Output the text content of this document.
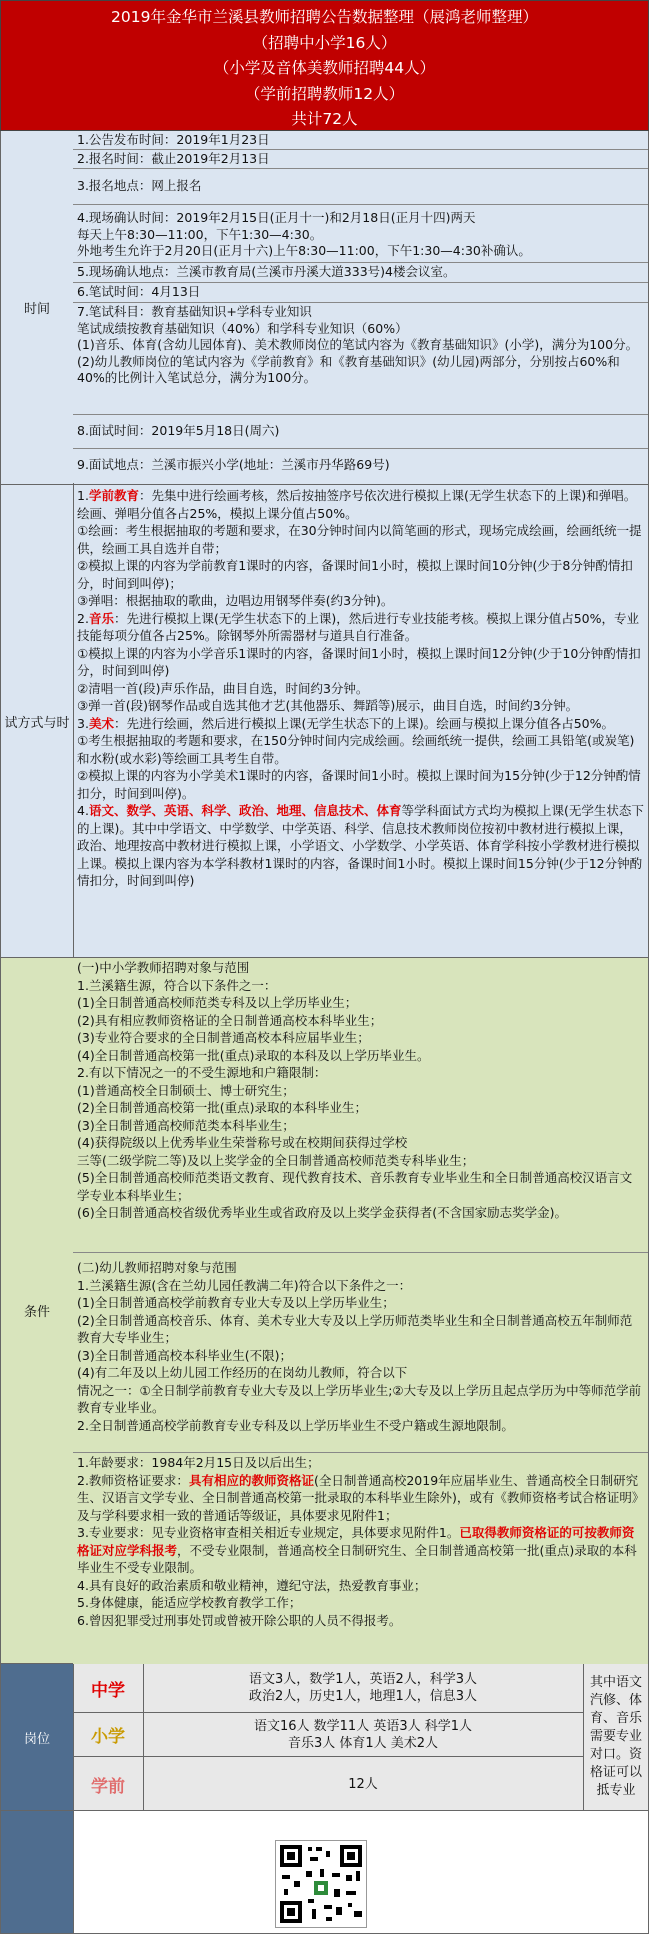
2019年金华市兰溪县教师招聘公告数据整理（展鸿老师整理）
（招聘中小学16人）
（小学及音体美教师招聘44人）
（学前招聘教师12人）
共计72人
时间
1.公告发布时间：2019年1月23日
2.报名时间：截止2019年2月13日
3.报名地点：网上报名

4.现场确认时间：2019年2月15日(正月十一)和2月18日(正月十四)两天

每天上午8:30—11:00，下午1:30—4:30。

外地考生允许于2月20日(正月十六)上午8:30—11:00，下午1:30—4:30补确认。

5.现场确认地点：兰溪市教育局(兰溪市丹溪大道333号)4楼会议室。
6.笔试时间：4月13日

7.笔试科目：教育基础知识+学科专业知识

笔试成绩按教育基础知识（40%）和学科专业知识（60%）

(1)音乐、体育(含幼儿园体育)、美术教师岗位的笔试内容为《教育基础知识》(小学)，满分为100分。

(2)幼儿教师岗位的笔试内容为《学前教育》和《教育基础知识》(幼儿园)两部分，分别按占60%和40%的比例计入笔试总分，满分为100分。

8.面试时间：2019年5月18日(周六)
9.面试地点：兰溪市振兴小学(地址：兰溪市丹华路69号)
试方式与时

1.学前教育：先集中进行绘画考核，然后按抽签序号依次进行模拟上课(无学生状态下的上课)和弹唱。绘画、弹唱分值各占25%，模拟上课分值占50%。

①绘画：考生根据抽取的考题和要求，在30分钟时间内以简笔画的形式，现场完成绘画，绘画纸统一提供，绘画工具自选并自带；

②模拟上课的内容为学前教育1课时的内容，备课时间1小时，模拟上课时间10分钟(少于8分钟酌情扣分，时间到叫停)；

③弹唱：根据抽取的歌曲，边唱边用钢琴伴奏(约3分钟)。

2.音乐：先进行模拟上课(无学生状态下的上课)，然后进行专业技能考核。模拟上课分值占50%，专业技能每项分值各占25%。除钢琴外所需器材与道具自行准备。

①模拟上课的内容为小学音乐1课时的内容，备课时间1小时，模拟上课时间12分钟(少于10分钟酌情扣分，时间到叫停)

②清唱一首(段)声乐作品，曲目自选，时间约3分钟。

③弹一首(段)钢琴作品或自选其他才艺(其他器乐、舞蹈等)展示，曲目自选，时间约3分钟。

3.美术：先进行绘画，然后进行模拟上课(无学生状态下的上课)。绘画与模拟上课分值各占50%。

①考生根据抽取的考题和要求，在150分钟时间内完成绘画。绘画纸统一提供，绘画工具铅笔(或炭笔)和水粉(或水彩)等绘画工具考生自带。

②模拟上课的内容为小学美术1课时的内容，备课时间1小时。模拟上课时间为15分钟(少于12分钟酌情扣分，时间到叫停)。

4.语文、数学、英语、科学、政治、地理、信息技术、体育等学科面试方式均为模拟上课(无学生状态下的上课)。其中中学语文、中学数学、中学英语、科学、信息技术教师岗位按初中教材进行模拟上课，政治、地理按高中教材进行模拟上课，小学语文、小学数学、小学英语、体育学科按小学教材进行模拟上课。模拟上课内容为本学科教材1课时的内容，备课时间1小时。模拟上课时间15分钟(少于12分钟酌情扣分，时间到叫停)

条件

(一)中小学教师招聘对象与范围

1.兰溪籍生源，符合以下条件之一：

(1)全日制普通高校师范类专科及以上学历毕业生；

(2)具有相应教师资格证的全日制普通高校本科毕业生；

(3)专业符合要求的全日制普通高校本科应届毕业生；

(4)全日制普通高校第一批(重点)录取的本科及以上学历毕业生。

2.有以下情况之一的不受生源地和户籍限制：

(1)普通高校全日制硕士、博士研究生；

(2)全日制普通高校第一批(重点)录取的本科毕业生；

(3)全日制普通高校师范类本科毕业生；

(4)获得院级以上优秀毕业生荣誉称号或在校期间获得过学校

三等(二级学院二等)及以上奖学金的全日制普通高校师范类专科毕业生；

(5)全日制普通高校师范类语文教育、现代教育技术、音乐教育专业毕业生和全日制普通高校汉语言文学专业本科毕业生；

(6)全日制普通高校省级优秀毕业生或省政府及以上奖学金获得者(不含国家励志奖学金)。

(二)幼儿教师招聘对象与范围

1.兰溪籍生源(含在兰幼儿园任教满二年)符合以下条件之一：

(1)全日制普通高校学前教育专业大专及以上学历毕业生；

(2)全日制普通高校音乐、体育、美术专业大专及以上学历师范类毕业生和全日制普通高校五年制师范教育大专毕业生；

(3)全日制普通高校本科毕业生(不限)；

(4)有二年及以上幼儿园工作经历的在岗幼儿教师，符合以下

情况之一：①全日制学前教育专业大专及以上学历毕业生;②大专及以上学历且起点学历为中等师范学前教育专业毕业。

2.全日制普通高校学前教育专业专科及以上学历毕业生不受户籍或生源地限制。

1.年龄要求：1984年2月15日及以后出生；

2.教师资格证要求：具有相应的教师资格证(全日制普通高校2019年应届毕业生、普通高校全日制研究生、汉语言文学专业、全日制普通高校第一批录取的本科毕业生除外)，或有《教师资格考试合格证明》及与学科要求相一致的普通话等级证，具体要求见附件1；

3.专业要求：见专业资格审查相关相近专业规定，具体要求见附件1。已取得教师资格证的可按教师资格证对应学科报考，不受专业限制，普通高校全日制研究生、全日制普通高校第一批(重点)录取的本科毕业生不受专业限制。

4.具有良好的政治素质和敬业精神，遵纪守法，热爱教育事业；

5.身体健康，能适应学校教育教学工作；

6.曾因犯罪受过刑事处罚或曾被开除公职的人员不得报考。

岗位
中学
语文3人，数学1人，英语2人，科学3人
政治2人，历史1人，地理1人，信息3人
小学
语文16人 数学11人 英语3人 科学1人
音乐3人 体育1人 美术2人
学前	12人
其中语文汽修、体育、音乐需要专业对口。资格证可以抵专业
